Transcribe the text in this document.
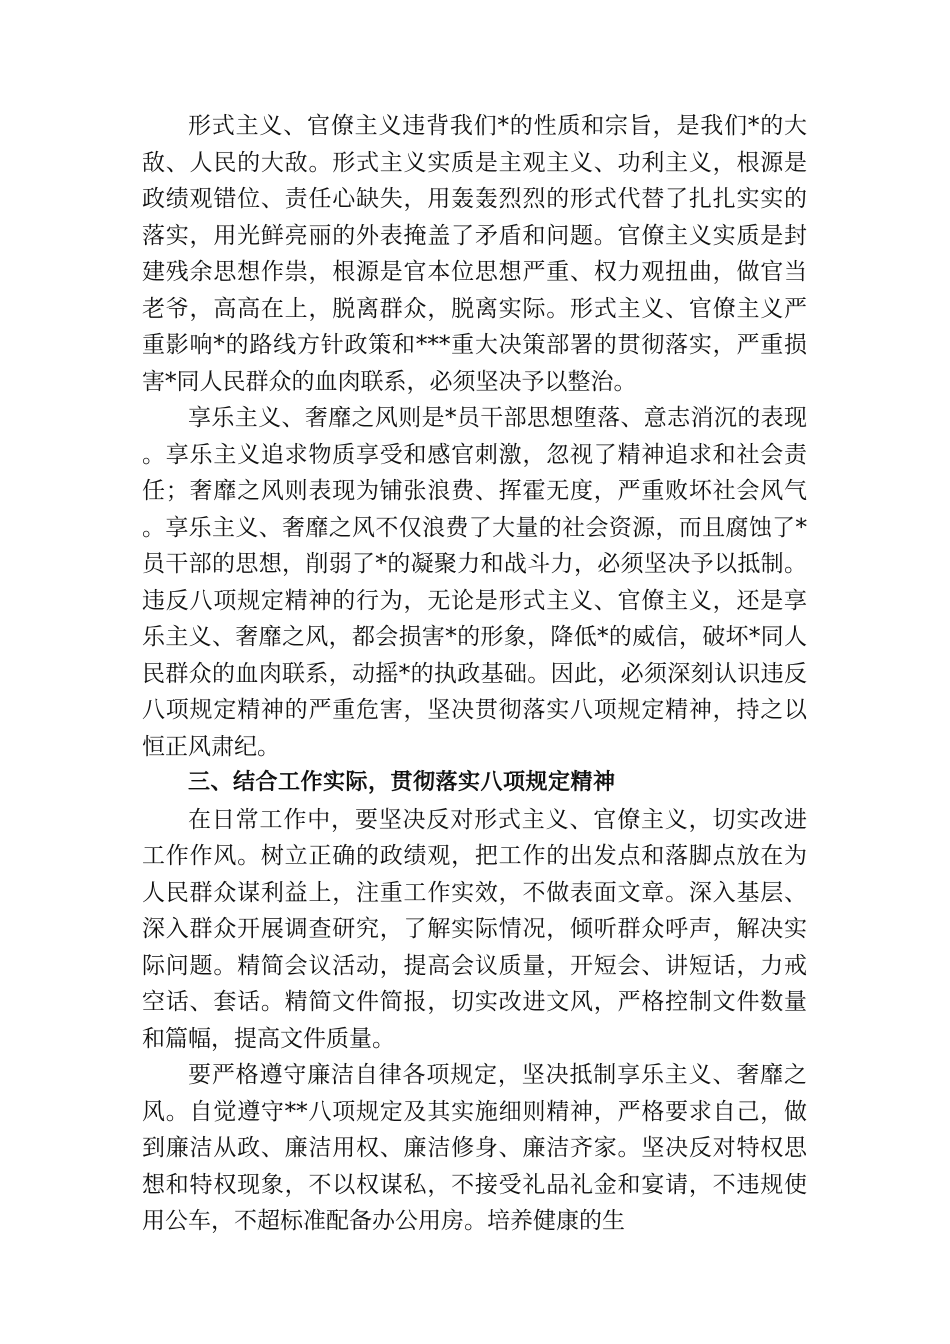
形式主义、官僚主义违背我们*的性质和宗旨，是我们*的大敌、人民的大敌。形式主义实质是主观主义、功利主义，根源是政绩观错位、责任心缺失，用轰轰烈烈的形式代替了扎扎实实的落实，用光鲜亮丽的外表掩盖了矛盾和问题。官僚主义实质是封建残余思想作祟，根源是官本位思想严重、权力观扭曲，做官当老爷，高高在上，脱离群众，脱离实际。形式主义、官僚主义严重影响*的路线方针政策和***重大决策部署的贯彻落实，严重损害*同人民群众的血肉联系，必须坚决予以整治。

享乐主义、奢靡之风则是*员干部思想堕落、意志消沉的表现。享乐主义追求物质享受和感官刺激，忽视了精神追求和社会责任；奢靡之风则表现为铺张浪费、挥霍无度，严重败坏社会风气。享乐主义、奢靡之风不仅浪费了大量的社会资源，而且腐蚀了*员干部的思想，削弱了*的凝聚力和战斗力，必须坚决予以抵制。违反八项规定精神的行为，无论是形式主义、官僚主义，还是享乐主义、奢靡之风，都会损害*的形象，降低*的威信，破坏*同人民群众的血肉联系，动摇*的执政基础。因此，必须深刻认识违反八项规定精神的严重危害，坚决贯彻落实八项规定精神，持之以恒正风肃纪。

三、结合工作实际，贯彻落实八项规定精神

在日常工作中，要坚决反对形式主义、官僚主义，切实改进工作作风。树立正确的政绩观，把工作的出发点和落脚点放在为人民群众谋利益上，注重工作实效，不做表面文章。深入基层、深入群众开展调查研究，了解实际情况，倾听群众呼声，解决实际问题。精简会议活动，提高会议质量，开短会、讲短话，力戒空话、套话。精简文件简报，切实改进文风，严格控制文件数量和篇幅，提高文件质量。

要严格遵守廉洁自律各项规定，坚决抵制享乐主义、奢靡之风。自觉遵守**八项规定及其实施细则精神，严格要求自己，做到廉洁从政、廉洁用权、廉洁修身、廉洁齐家。坚决反对特权思想和特权现象，不以权谋私，不接受礼品礼金和宴请，不违规使用公车，不超标准配备办公用房。培养健康的生
